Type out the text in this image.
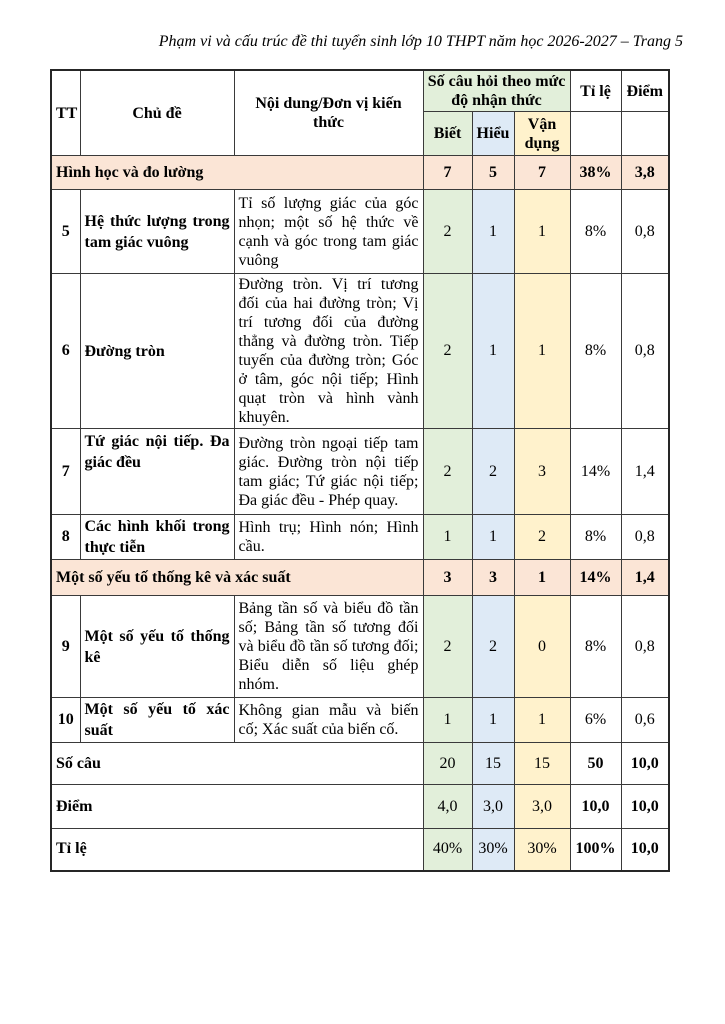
Phạm vi và cấu trúc đề thi tuyển sinh lớp 10 THPT năm học 2026-2027 – Trang 5
TT	Chủ đề	Nội dung/Đơn vị kiến thức	Số câu hỏi theo mức độ nhận thức			Tỉ lệ	Điểm
			Biết	Hiểu	Vận dụng		
Hình học và đo lường			7	5	7	38%	3,8
5	Hệ thức lượng trong tam giác vuông	Tỉ số lượng giác của góc nhọn; một số hệ thức về cạnh và góc trong tam giác vuông	2	1	1	8%	0,8
6	Đường tròn	Đường tròn. Vị trí tương đối của hai đường tròn; Vị trí tương đối của đường thẳng và đường tròn. Tiếp tuyến của đường tròn; Góc ở tâm, góc nội tiếp; Hình quạt tròn và hình vành khuyên.	2	1	1	8%	0,8
7	Tứ giác nội tiếp. Đa giác đều	Đường tròn ngoại tiếp tam giác. Đường tròn nội tiếp tam giác; Tứ giác nội tiếp; Đa giác đều - Phép quay.	2	2	3	14%	1,4
8	Các hình khối trong thực tiễn	Hình trụ; Hình nón; Hình cầu.	1	1	2	8%	0,8
Một số yếu tố thống kê và xác suất			3	3	1	14%	1,4
9	Một số yếu tố thống kê	Bảng tần số và biểu đồ tần số; Bảng tần số tương đối và biểu đồ tần số tương đối; Biểu diễn số liệu ghép nhóm.	2	2	0	8%	0,8
10	Một số yếu tố xác suất	Không gian mẫu và biến cố; Xác suất của biến cố.	1	1	1	6%	0,6
Số câu			20	15	15	50	10,0
Điểm			4,0	3,0	3,0	10,0	10,0
Tỉ lệ			40%	30%	30%	100%	10,0
